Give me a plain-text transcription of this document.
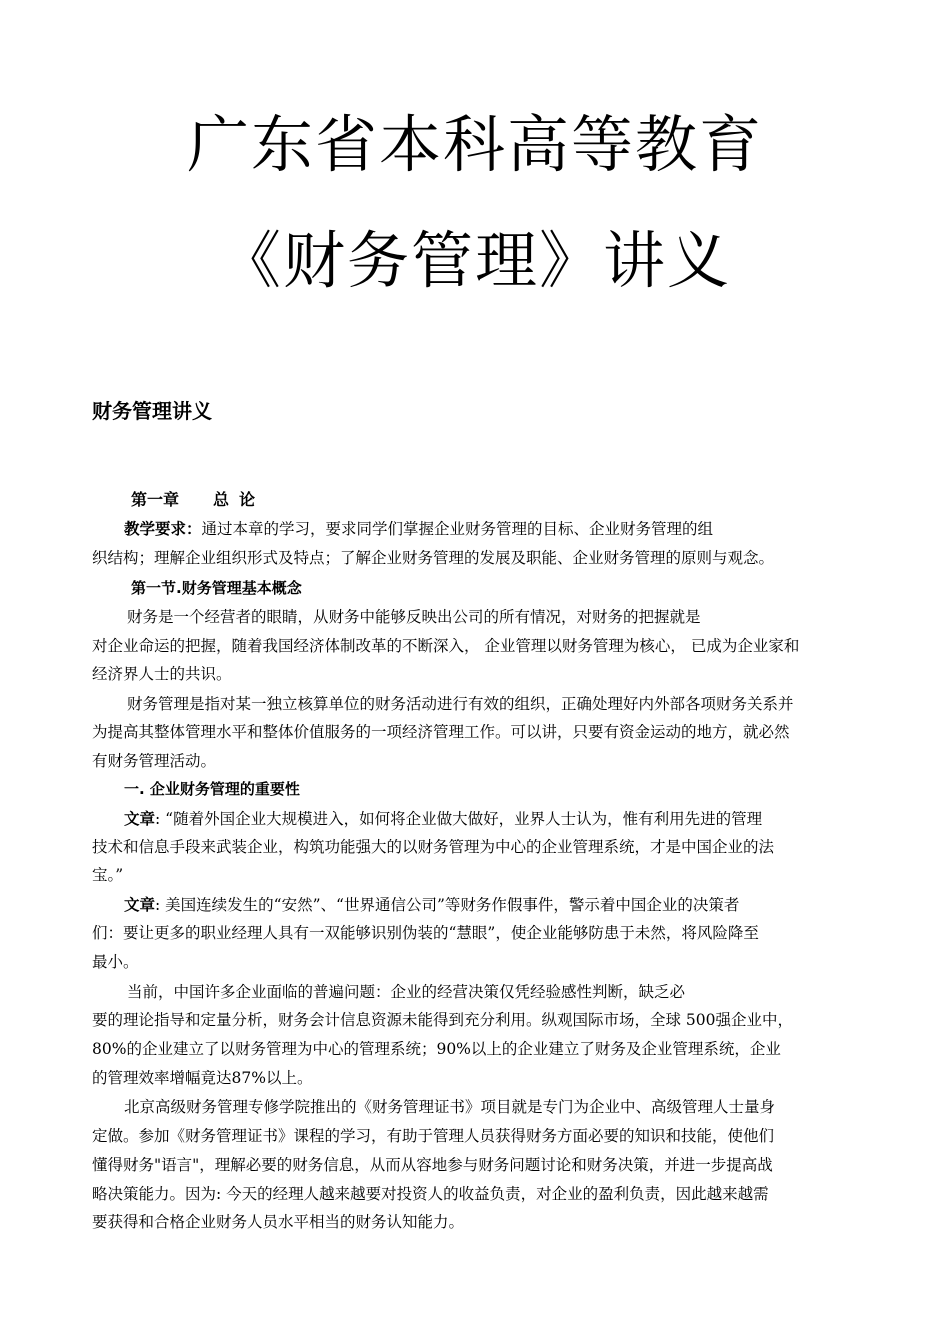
广东省本科高等教育
《财务管理》讲义
财务管理讲义
第一章 总 论
教学要求：通过本章的学习，要求同学们掌握企业财务管理的目标、企业财务管理的组
织结构；理解企业组织形式及特点；了解企业财务管理的发展及职能、企业财务管理的原则与观念。
第一节.财务管理基本概念
财务是一个经营者的眼睛，从财务中能够反映出公司的所有情况，对财务的把握就是
对企业命运的把握，随着我国经济体制改革的不断深入， 企业管理以财务管理为核心， 已成为企业家和
经济界人士的共识。
财务管理是指对某一独立核算单位的财务活动进行有效的组织，正确处理好内外部各项财务关系并
为提高其整体管理水平和整体价值服务的一项经济管理工作。可以讲，只要有资金运动的地方，就必然
有财务管理活动。
一. 企业财务管理的重要性
文章: “随着外国企业大规模进入，如何将企业做大做好，业界人士认为，惟有利用先进的管理
技术和信息手段来武装企业，构筑功能强大的以财务管理为中心的企业管理系统，才是中国企业的法
宝。”
文章: 美国连续发生的“安然”、“世界通信公司”等财务作假事件，警示着中国企业的决策者
们：要让更多的职业经理人具有一双能够识别伪装的“慧眼”，使企业能够防患于未然，将风险降至
最小。
当前，中国许多企业面临的普遍问题：企业的经营决策仅凭经验感性判断，缺乏必
要的理论指导和定量分析，财务会计信息资源未能得到充分利用。纵观国际市场，全球 500强企业中，
80%的企业建立了以财务管理为中心的管理系统；90%以上的企业建立了财务及企业管理系统，企业
的管理效率增幅竟达87%以上。
北京高级财务管理专修学院推出的《财务管理证书》项目就是专门为企业中、高级管理人士量身
定做。参加《财务管理证书》课程的学习，有助于管理人员获得财务方面必要的知识和技能，使他们
懂得财务"语言"，理解必要的财务信息，从而从容地参与财务问题讨论和财务决策，并进一步提高战
略决策能力。因为: 今天的经理人越来越要对投资人的收益负责，对企业的盈利负责，因此越来越需
要获得和合格企业财务人员水平相当的财务认知能力。
